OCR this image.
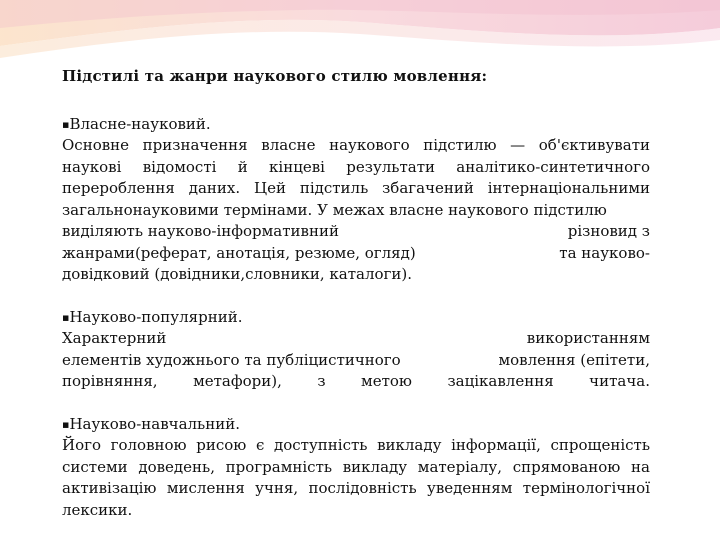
Підстилі та жанри наукового стилю мовлення:
▪Власне-науковий.
Основне призначення власне наукового підстилю — об'єктивувати наукові відомості й кінцеві результати аналітико-синтетичного перероблення даних. Цей підстиль збагачений інтернаціональними загальнонауковими термінами. У межах власне наукового підстилю
виділяють науково-інформативний	різновид з
жанрами(реферат, анотація, резюме, огляд)	та науково-
довідковий (довідники,словники, каталоги).
▪Науково-популярний.
Характерний	використанням
елементів художнього та публіцистичного	мовлення (епітети,
порівняння, метафори), з метою зацікавлення читача.
▪Науково-навчальний.
Його головною рисою є доступність викладу інформації, спрощеність системи доведень, програмність викладу матеріалу, спрямованою на активізацію мислення учня, послідовність уведенням термінологічної лексики.
